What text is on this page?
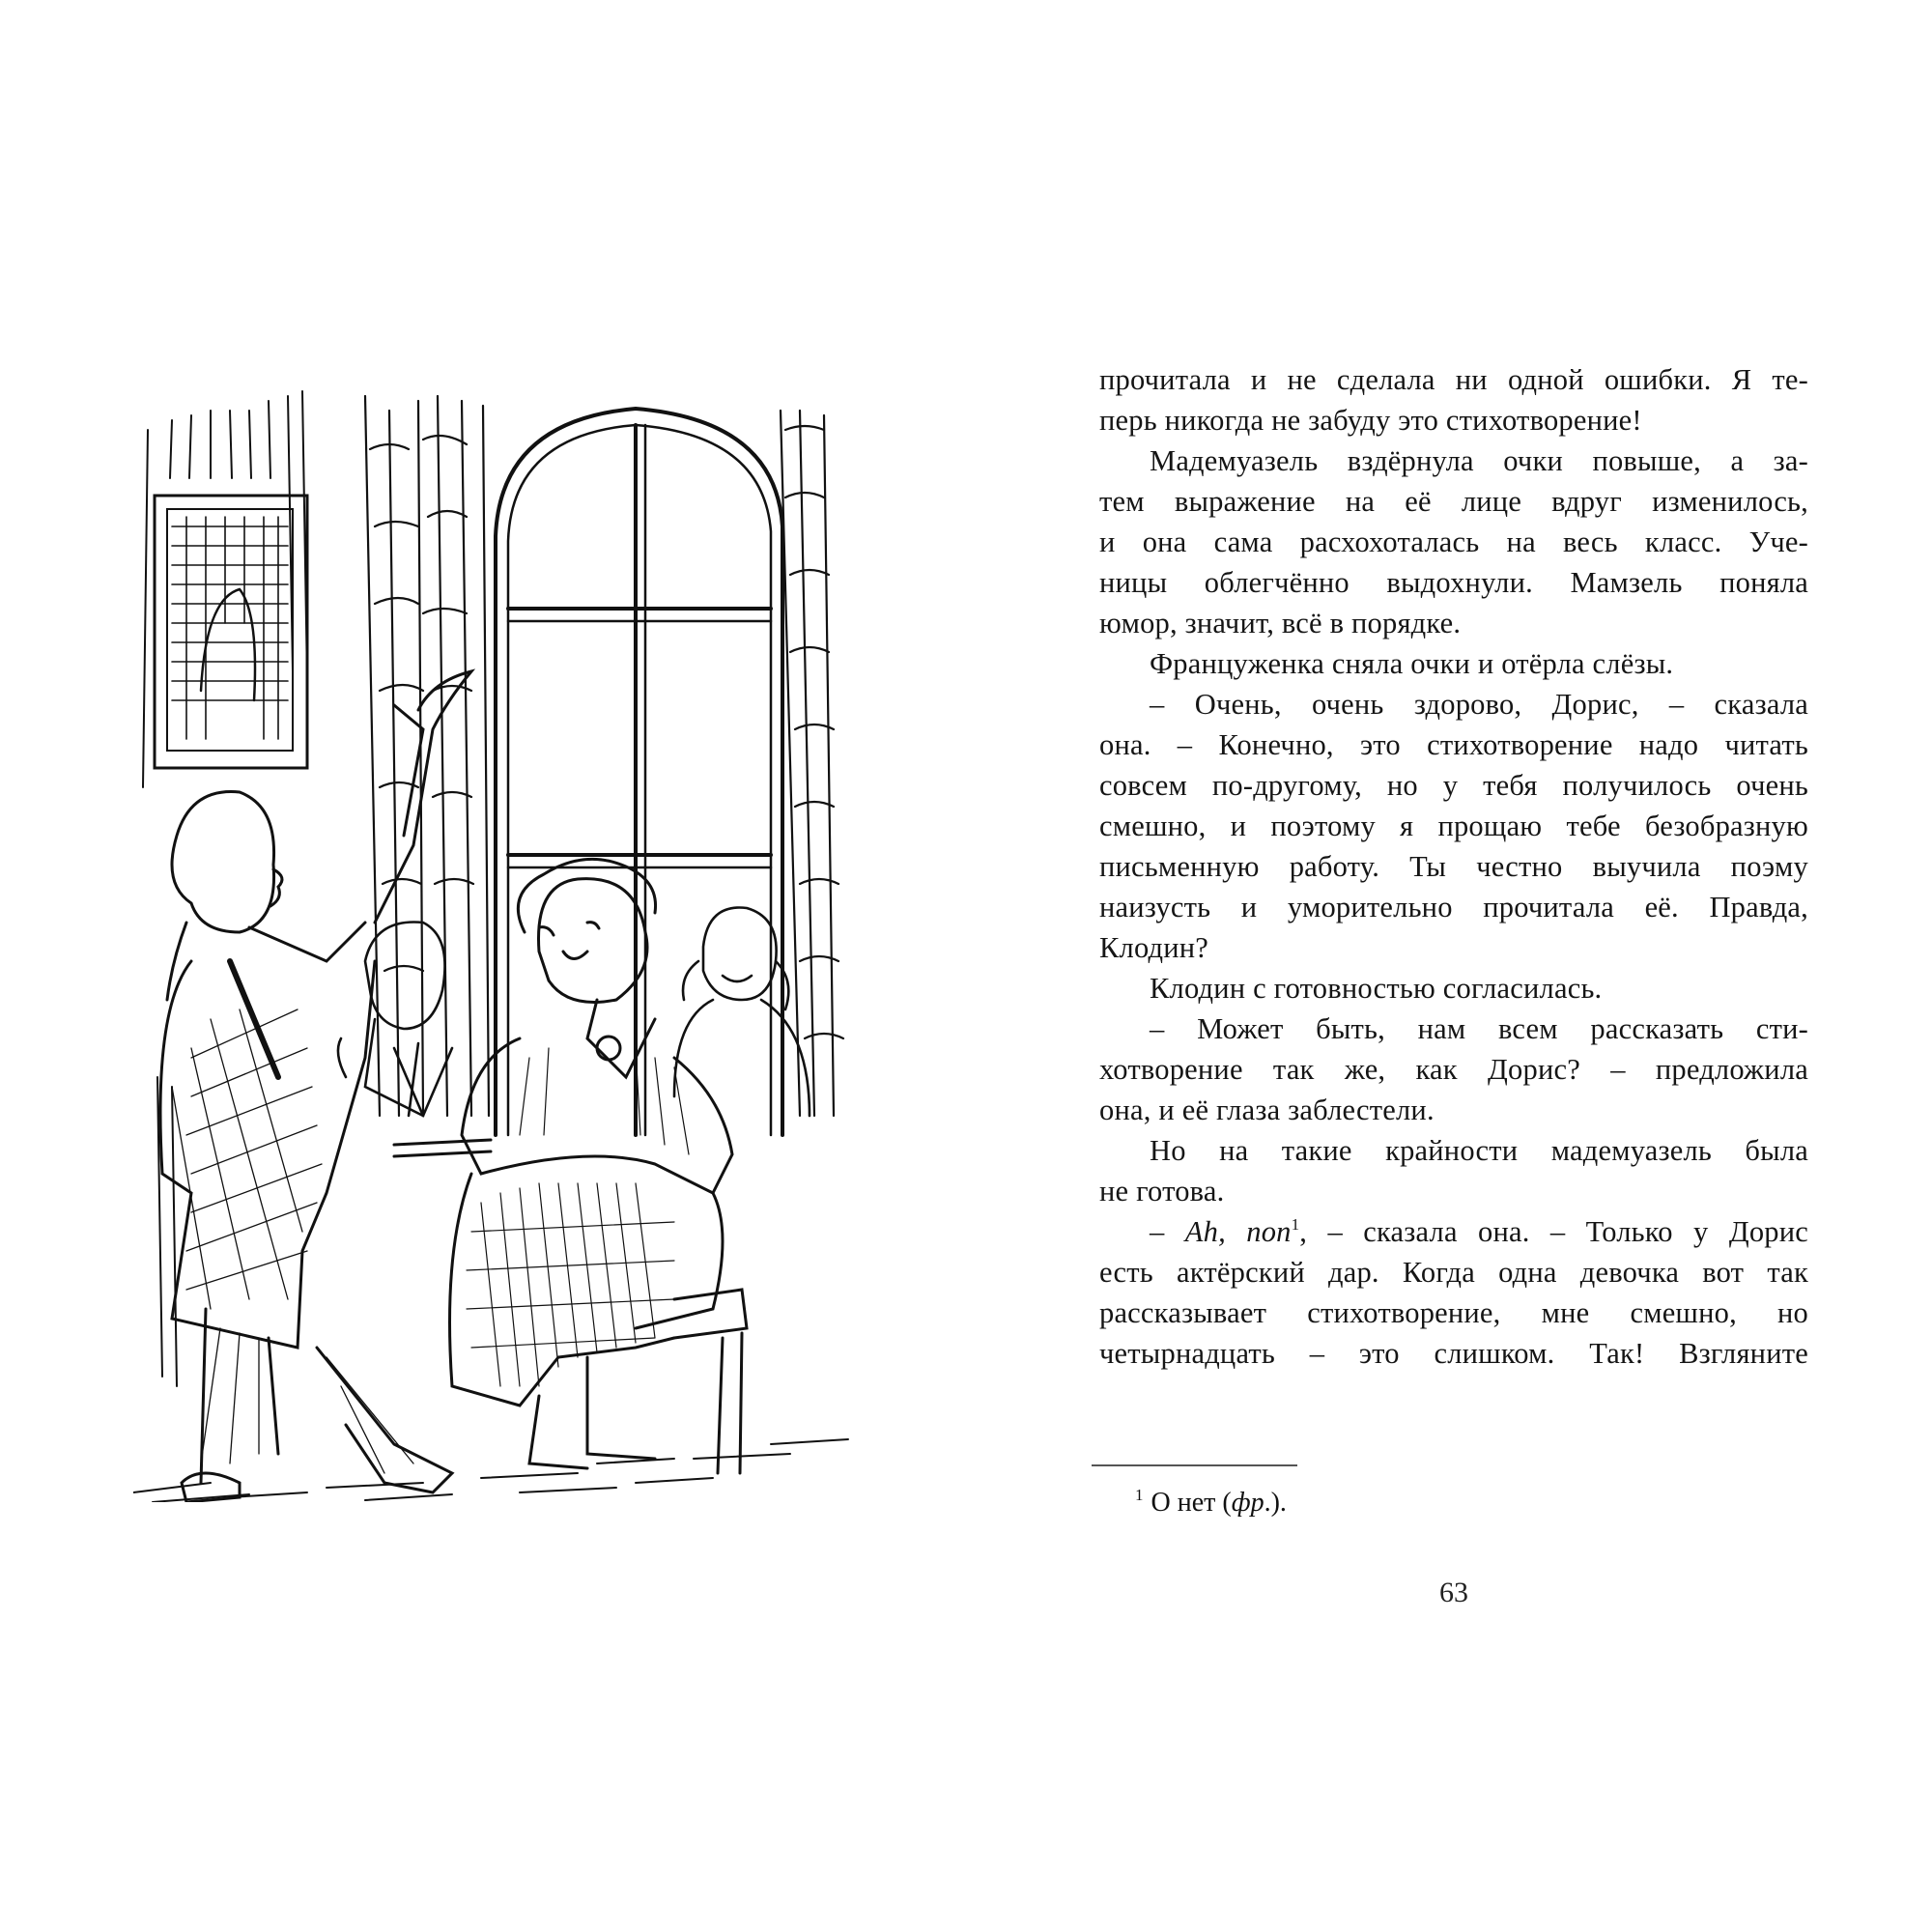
прочитала и не сделала ни одной ошибки. Я те-
перь никогда не забуду это стихотворение!
Мадемуазель вздёрнула очки повыше, а за-
тем выражение на её лице вдруг изменилось,
и она сама расхохоталась на весь класс. Уче-
ницы облегчённо выдохнули. Мамзель поняла
юмор, значит, всё в порядке.
Француженка сняла очки и отёрла слёзы.
– Очень, очень здорово, Дорис, – сказала
она. – Конечно, это стихотворение надо читать
совсем по-другому, но у тебя получилось очень
смешно, и поэтому я прощаю тебе безобразную
письменную работу. Ты честно выучила поэму
наизусть и уморительно прочитала её. Правда,
Клодин?
Клодин с готовностью согласилась.
– Может быть, нам всем рассказать сти-
хотворение так же, как Дорис? – предложила
она, и её глаза заблестели.
Но на такие крайности мадемуазель была
не готова.
– Ah, non$^1$, – сказала она. – Только у Дорис
есть актёрский дар. Когда одна девочка вот так
рассказывает стихотворение, мне смешно, но
четырнадцать – это слишком. Так! Взгляните
$^1$ О нет (фр.).
63
